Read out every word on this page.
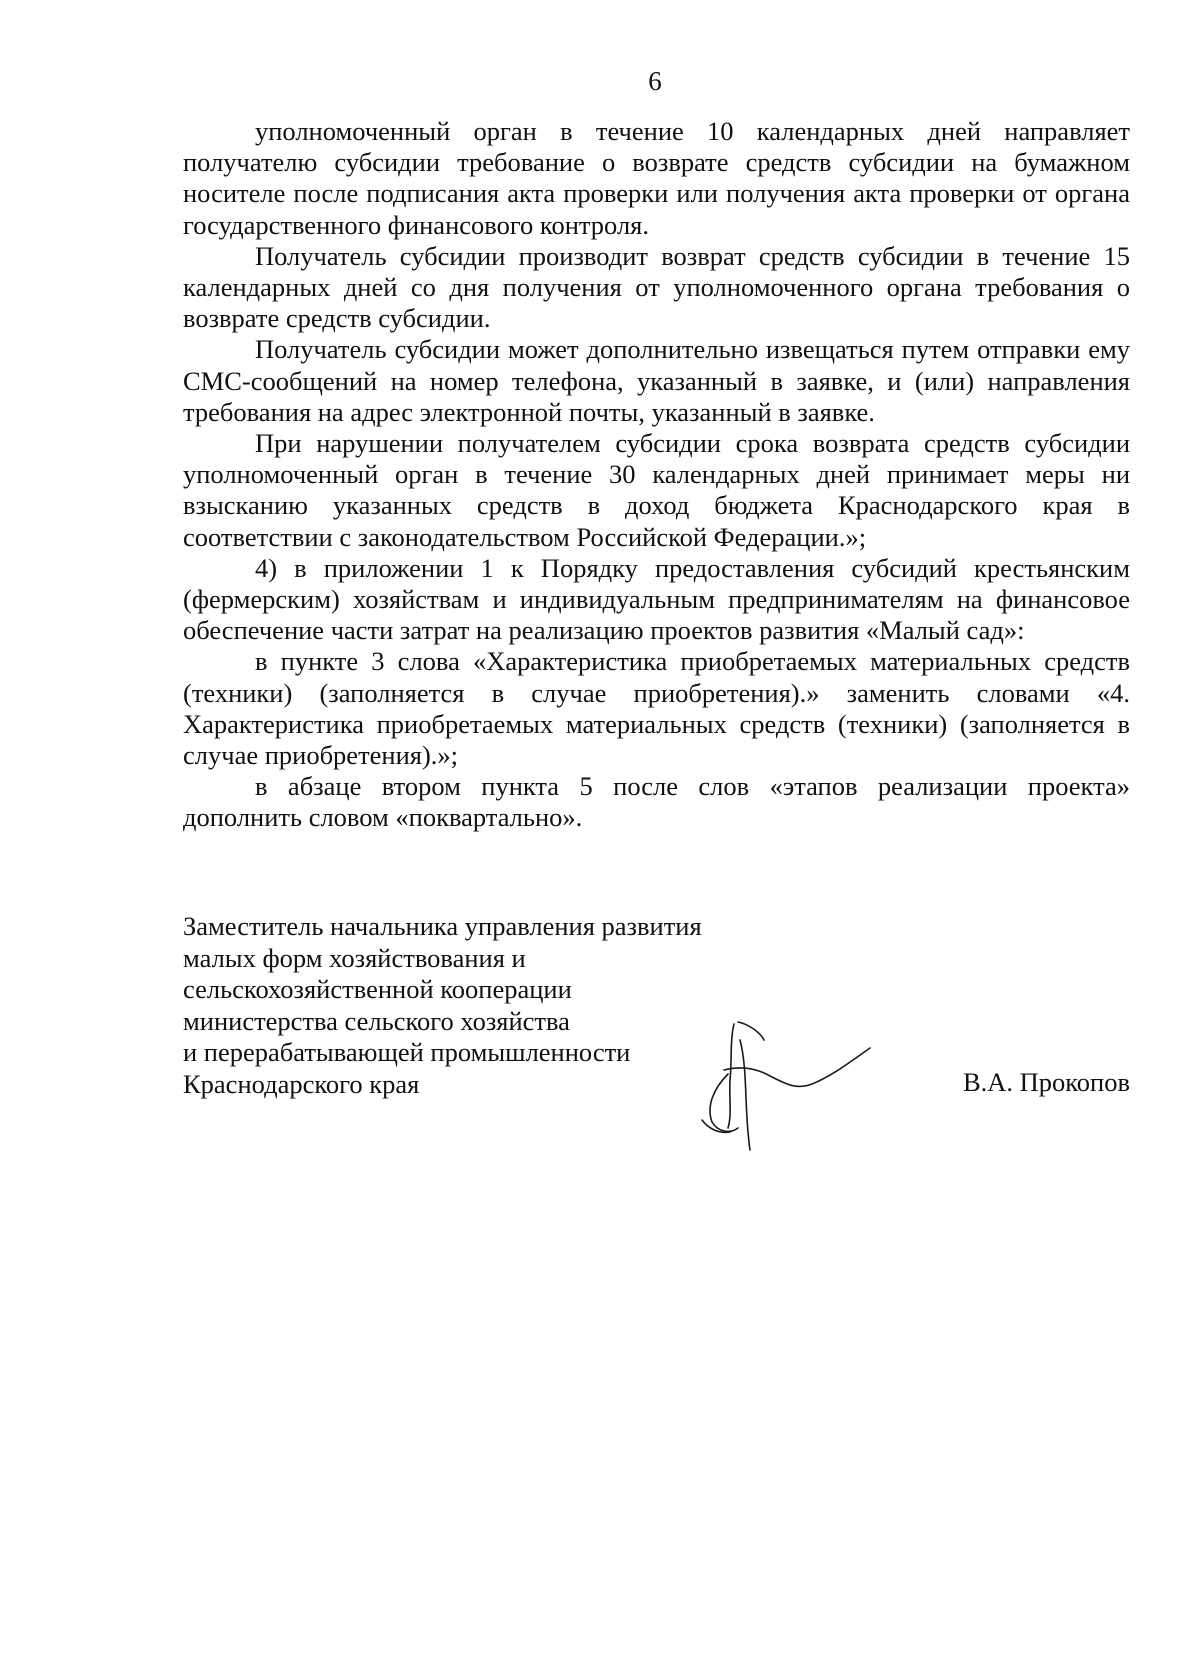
6

уполномоченный орган в течение 10 календарных дней направляет получателю субсидии требование о возврате средств субсидии на бумажном носителе после подписания акта проверки или получения акта проверки от органа государственного финансового контроля.

Получатель субсидии производит возврат средств субсидии в течение 15 календарных дней со дня получения от уполномоченного органа требования о возврате средств субсидии.

Получатель субсидии может дополнительно извещаться путем отправки ему СМС-сообщений на номер телефона, указанный в заявке, и (или) направления требования на адрес электронной почты, указанный в заявке.

При нарушении получателем субсидии срока возврата средств субсидии уполномоченный орган в течение 30 календарных дней принимает меры ни взысканию указанных средств в доход бюджета Краснодарского края в соответствии с законодательством Российской Федерации.»;

4) в приложении 1 к Порядку предоставления субсидий крестьянским (фермерским) хозяйствам и индивидуальным предпринимателям на финансовое обеспечение части затрат на реализацию проектов развития «Малый сад»:

в пункте 3 слова «Характеристика приобретаемых материальных средств (техники) (заполняется в случае приобретения).» заменить словами «4. Характеристика приобретаемых материальных средств (техники) (заполняется в случае приобретения).»;

в абзаце втором пункта 5 после слов «этапов реализации проекта» дополнить словом «поквартально».

Заместитель начальника управления развития
малых форм хозяйствования и
сельскохозяйственной кооперации
министерства сельского хозяйства
и перерабатывающей промышленности
Краснодарского края	В.А. Прокопов
